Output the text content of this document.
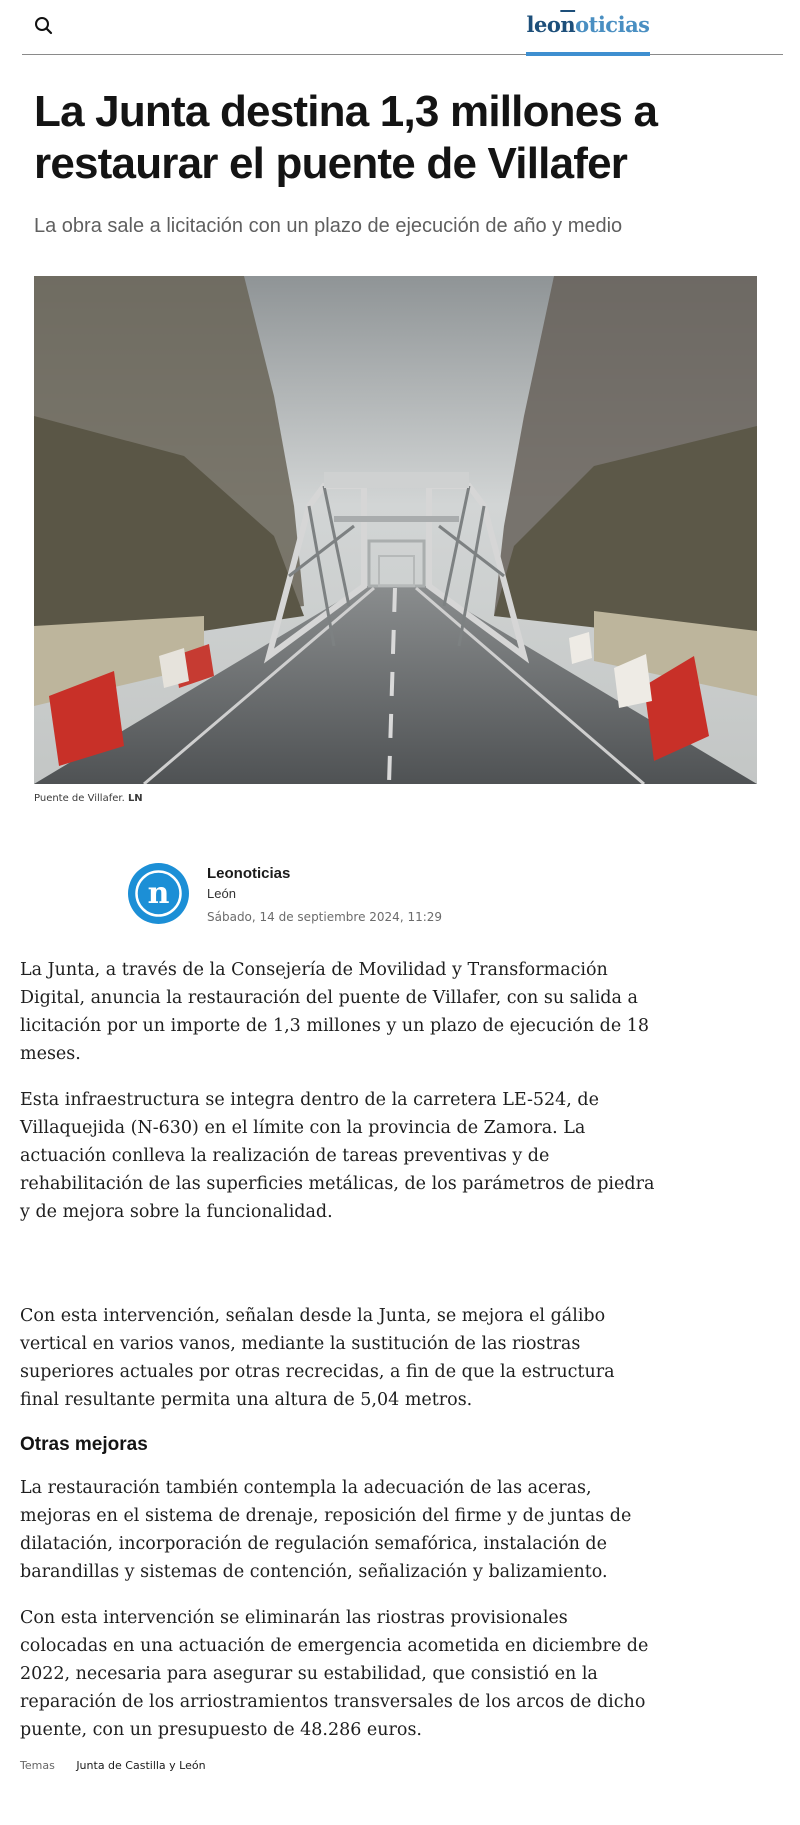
$leo\overline{n}oticias$
La Junta destina 1,3 millones a restaurar el puente de Villafer

La obra sale a licitación con un plazo de ejecución de año y medio

Puente de Villafer. LN

n
Leonoticias
León
Sábado, 14 de septiembre 2024, 11:29

La Junta, a través de la Consejería de Movilidad y Transformación Digital, anuncia la restauración del puente de Villafer, con su salida a licitación por un importe de 1,3 millones y un plazo de ejecución de 18 meses.

Esta infraestructura se integra dentro de la carretera LE-524, de Villaquejida (N-630) en el límite con la provincia de Zamora. La actuación conlleva la realización de tareas preventivas y de rehabilitación de las superficies metálicas, de los parámetros de piedra y de mejora sobre la funcionalidad.

Con esta intervención, señalan desde la Junta, se mejora el gálibo vertical en varios vanos, mediante la sustitución de las riostras superiores actuales por otras recrecidas, a fin de que la estructura final resultante permita una altura de 5,04 metros.

Otras mejoras

La restauración también contempla la adecuación de las aceras, mejoras en el sistema de drenaje, reposición del firme y de juntas de dilatación, incorporación de regulación semafórica, instalación de barandillas y sistemas de contención, señalización y balizamiento.

Con esta intervención se eliminarán las riostras provisionales colocadas en una actuación de emergencia acometida en diciembre de 2022, necesaria para asegurar su estabilidad, que consistió en la reparación de los arriostramientos transversales de los arcos de dicho puente, con un presupuesto de 48.286 euros.

Temas Junta de Castilla y León
